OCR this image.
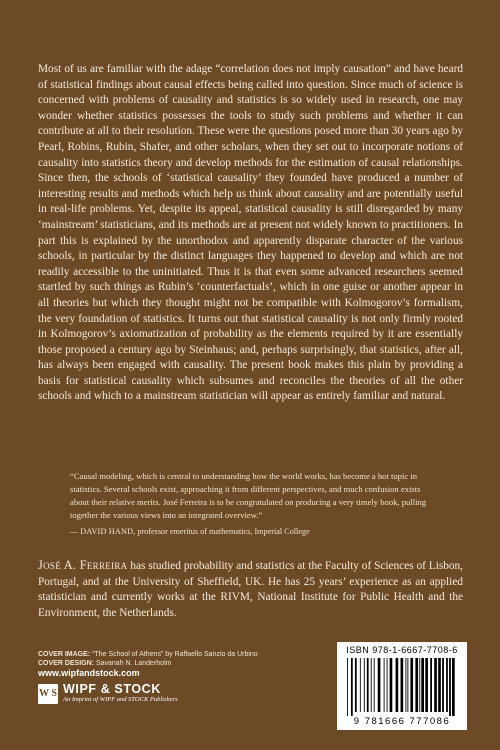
Most of us are familiar with the adage “correlation does not imply causation” and have heard of statistical findings about causal effects being called into question. Since much of science is concerned with problems of causality and statistics is so widely used in research, one may wonder whether statistics possesses the tools to study such problems and whether it can contribute at all to their resolution. These were the questions posed more than 30 years ago by Pearl, Robins, Rubin, Shafer, and other scholars, when they set out to incorporate notions of causality into statistics theory and develop methods for the estimation of causal relationships. Since then, the schools of ‘statistical causality’ they founded have produced a number of interesting results and methods which help us think about causality and are potentially useful in real-life problems. Yet, despite its appeal, statistical causality is still disregarded by many ‘mainstream’ statisticians, and its methods are at present not widely known to practitioners. In part this is explained by the unorthodox and apparently disparate character of the various schools, in particular by the distinct languages they happened to develop and which are not readily accessible to the uninitiated. Thus it is that even some advanced researchers seemed startled by such things as Rubin’s ‘counterfactuals’, which in one guise or another appear in all theories but which they thought might not be compatible with Kolmogorov’s formalism, the very foundation of statistics. It turns out that statistical causality is not only firmly rooted in Kolmogorov’s axiomatization of probability as the elements required by it are essentially those proposed a century ago by Steinhaus; and, perhaps surprisingly, that statistics, after all, has always been engaged with causality. The present book makes this plain by providing a basis for statistical causality which subsumes and reconciles the theories of all the other schools and which to a mainstream statistician will appear as entirely familiar and natural.

“Causal modeling, which is central to understanding how the world works, has become a hot topic in statistics. Several schools exist, approaching it from different perspectives, and much confusion exists about their relative merits. José Ferreira is to be congratulated on producing a very timely book, pulling together the various views into an integrated overview.”
— DAVID HAND, professor emeritus of mathematics, Imperial College

José A. Ferreira has studied probability and statistics at the Faculty of Sciences of Lisbon, Portugal, and at the University of Sheffield, UK. He has 25 years’ experience as an applied statistician and currently works at the RIVM, National Institute for Public Health and the Environment, the Netherlands.

COVER IMAGE: “The School of Athens” by Raffaello Sanzio da Urbino
COVER DESIGN: Savanah N. Landerholm
www.wipfandstock.com
W S WIPF & STOCK
An Imprint of WIPF and STOCK Publishers
ISBN 978-1-6667-7708-6
9 781666 777086
